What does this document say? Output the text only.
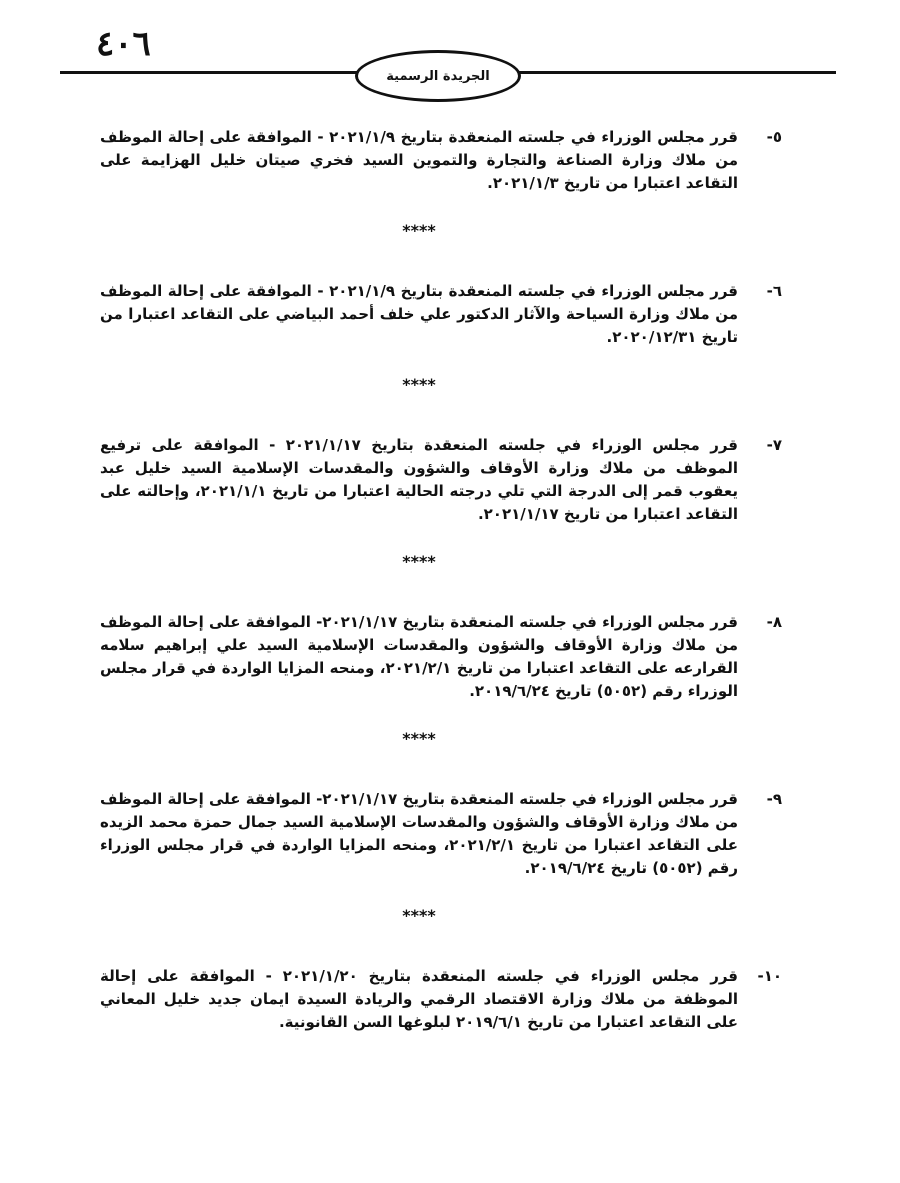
٤٠٦
الجريدة الرسمية
٥-
قرر مجلس الوزراء في جلسته المنعقدة بتاريخ ٢٠٢١/١/٩ - الموافقة على إحالة الموظف من ملاك وزارة الصناعة والتجارة والتموين السيد فخري صيتان خليل الهزايمة على التقاعد اعتبارا من تاريخ ٢٠٢١/١/٣.
****
٦-
قرر مجلس الوزراء في جلسته المنعقدة بتاريخ ٢٠٢١/١/٩ - الموافقة على إحالة الموظف من ملاك وزارة السياحة والآثار الدكتور علي خلف أحمد البياضي على التقاعد اعتبارا من تاريخ ٢٠٢٠/١٢/٣١.
****
٧-
قرر مجلس الوزراء في جلسته المنعقدة بتاريخ ٢٠٢١/١/١٧ - الموافقة على ترفيع الموظف من ملاك وزارة الأوقاف والشؤون والمقدسات الإسلامية السيد خليل عبد يعقوب قمر إلى الدرجة التي تلي درجته الحالية اعتبارا من تاريخ ٢٠٢١/١/١، وإحالته على التقاعد اعتبارا من تاريخ ٢٠٢١/١/١٧.
****
٨-
قرر مجلس الوزراء في جلسته المنعقدة بتاريخ ٢٠٢١/١/١٧- الموافقة على إحالة الموظف من ملاك وزارة الأوقاف والشؤون والمقدسات الإسلامية السيد علي إبراهيم سلامه القرارعه على التقاعد اعتبارا من تاريخ ٢٠٢١/٢/١، ومنحه المزايا الواردة في قرار مجلس الوزراء رقم (٥٠٥٢) تاريخ ٢٠١٩/٦/٢٤.
****
٩-
قرر مجلس الوزراء في جلسته المنعقدة بتاريخ ٢٠٢١/١/١٧- الموافقة على إحالة الموظف من ملاك وزارة الأوقاف والشؤون والمقدسات الإسلامية السيد جمال حمزة محمد الزيده على التقاعد اعتبارا من تاريخ ٢٠٢١/٢/١، ومنحه المزايا الواردة في قرار مجلس الوزراء رقم (٥٠٥٢) تاريخ ٢٠١٩/٦/٢٤.
****
١٠-
قرر مجلس الوزراء في جلسته المنعقدة بتاريخ ٢٠٢١/١/٢٠ - الموافقة على إحالة الموظفة من ملاك وزارة الاقتصاد الرقمي والريادة السيدة ايمان جديد خليل المعاني على التقاعد اعتبارا من تاريخ ٢٠١٩/٦/١ لبلوغها السن القانونية.
